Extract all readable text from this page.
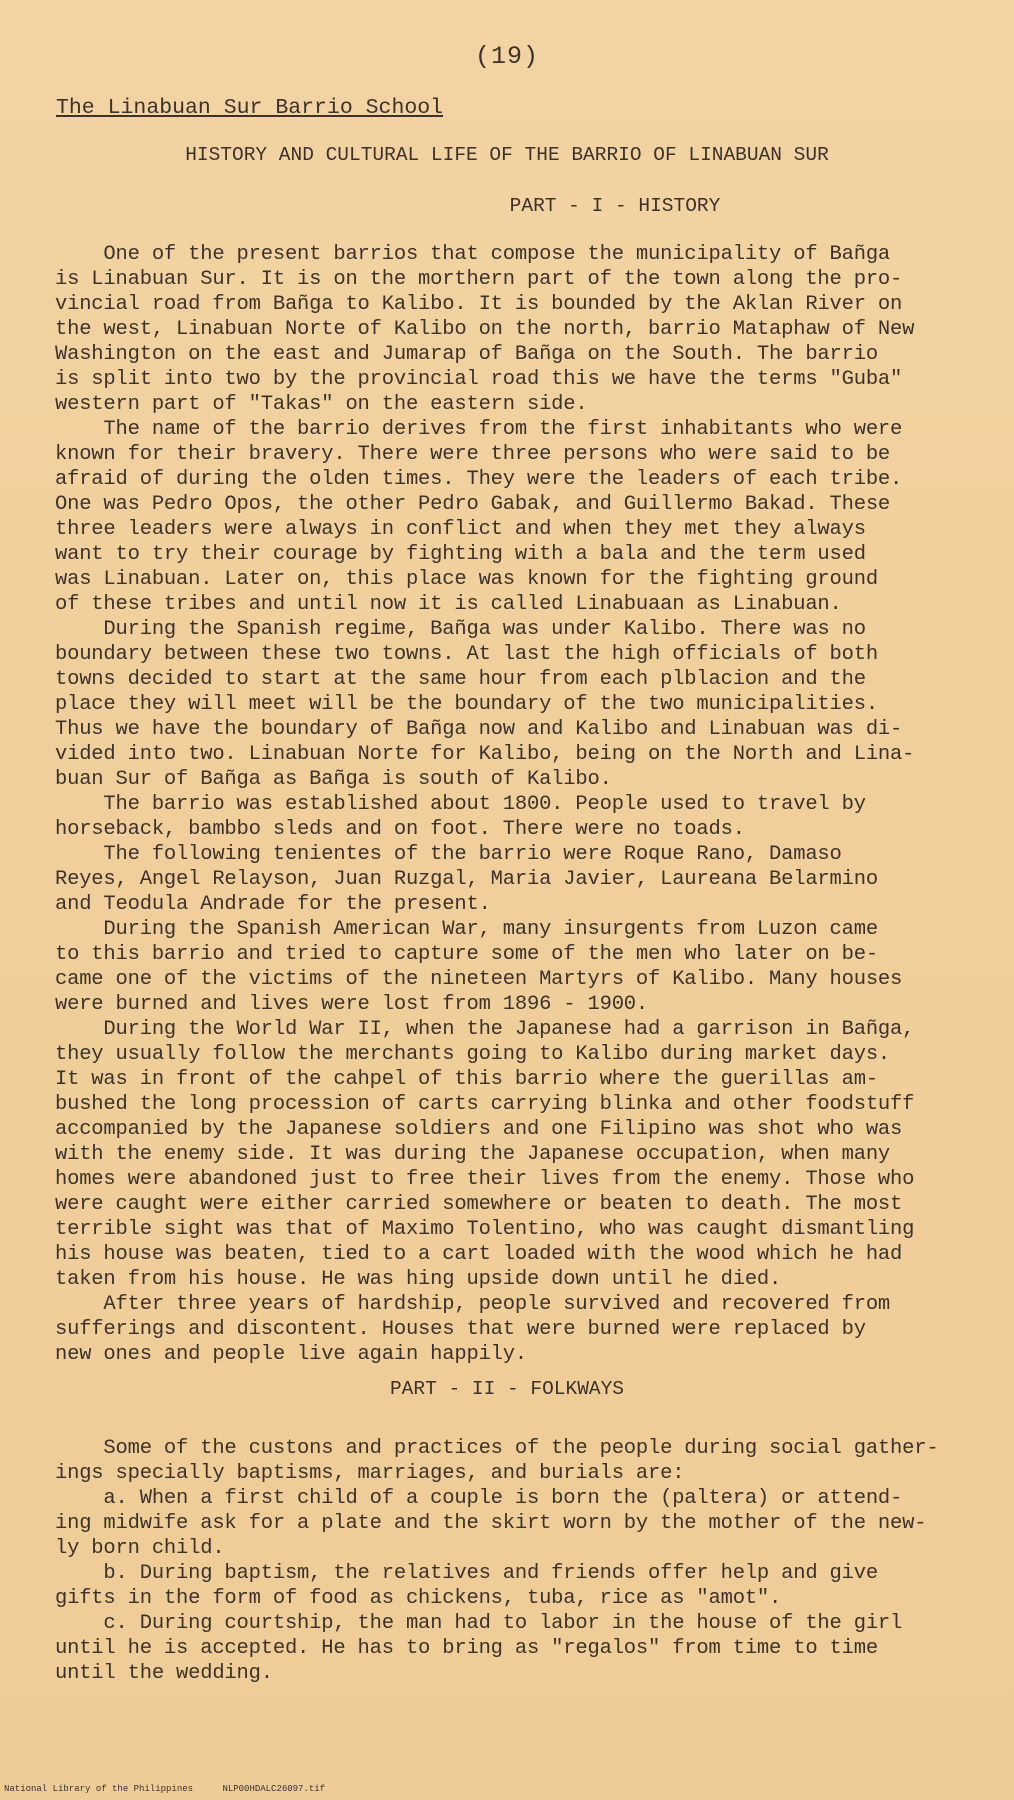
(19)
The Linabuan Sur Barrio School
HISTORY AND CULTURAL LIFE OF THE BARRIO OF LINABUAN SUR
PART - I - HISTORY
One of the present barrios that compose the municipality of Bañga
is Linabuan Sur. It is on the morthern part of the town along the pro-
vincial road from Bañga to Kalibo. It is bounded by the Aklan River on
the west, Linabuan Norte of Kalibo on the north, barrio Mataphaw of New
Washington on the east and Jumarap of Bañga on the South. The barrio
is split into two by the provincial road this we have the terms "Guba"
western part of "Takas" on the eastern side.
The name of the barrio derives from the first inhabitants who were
known for their bravery. There were three persons who were said to be
afraid of during the olden times. They were the leaders of each tribe.
One was Pedro Opos, the other Pedro Gabak, and Guillermo Bakad. These
three leaders were always in conflict and when they met they always
want to try their courage by fighting with a bala and the term used
was Linabuan. Later on, this place was known for the fighting ground
of these tribes and until now it is called Linabuaan as Linabuan.
During the Spanish regime, Bañga was under Kalibo. There was no
boundary between these two towns. At last the high officials of both
towns decided to start at the same hour from each plblacion and the
place they will meet will be the boundary of the two municipalities.
Thus we have the boundary of Bañga now and Kalibo and Linabuan was di-
vided into two. Linabuan Norte for Kalibo, being on the North and Lina-
buan Sur of Bañga as Bañga is south of Kalibo.
The barrio was established about 1800. People used to travel by
horseback, bambbo sleds and on foot. There were no toads.
The following tenientes of the barrio were Roque Rano, Damaso
Reyes, Angel Relayson, Juan Ruzgal, Maria Javier, Laureana Belarmino
and Teodula Andrade for the present.
During the Spanish American War, many insurgents from Luzon came
to this barrio and tried to capture some of the men who later on be-
came one of the victims of the nineteen Martyrs of Kalibo. Many houses
were burned and lives were lost from 1896 - 1900.
During the World War II, when the Japanese had a garrison in Bañga,
they usually follow the merchants going to Kalibo during market days.
It was in front of the cahpel of this barrio where the guerillas am-
bushed the long procession of carts carrying blinka and other foodstuff
accompanied by the Japanese soldiers and one Filipino was shot who was
with the enemy side. It was during the Japanese occupation, when many
homes were abandoned just to free their lives from the enemy. Those who
were caught were either carried somewhere or beaten to death. The most
terrible sight was that of Maximo Tolentino, who was caught dismantling
his house was beaten, tied to a cart loaded with the wood which he had
taken from his house. He was hing upside down until he died.
After three years of hardship, people survived and recovered from
sufferings and discontent. Houses that were burned were replaced by
new ones and people live again happily.
PART - II - FOLKWAYS
Some of the custons and practices of the people during social gather-
ings specially baptisms, marriages, and burials are:
a. When a first child of a couple is born the (paltera) or attend-
ing midwife ask for a plate and the skirt worn by the mother of the new-
ly born child.
b. During baptism, the relatives and friends offer help and give
gifts in the form of food as chickens, tuba, rice as "amot".
c. During courtship, the man had to labor in the house of the girl
until he is accepted. He has to bring as "regalos" from time to time
until the wedding.
National Library of the Philippines	NLP00HDALC26097.tif
